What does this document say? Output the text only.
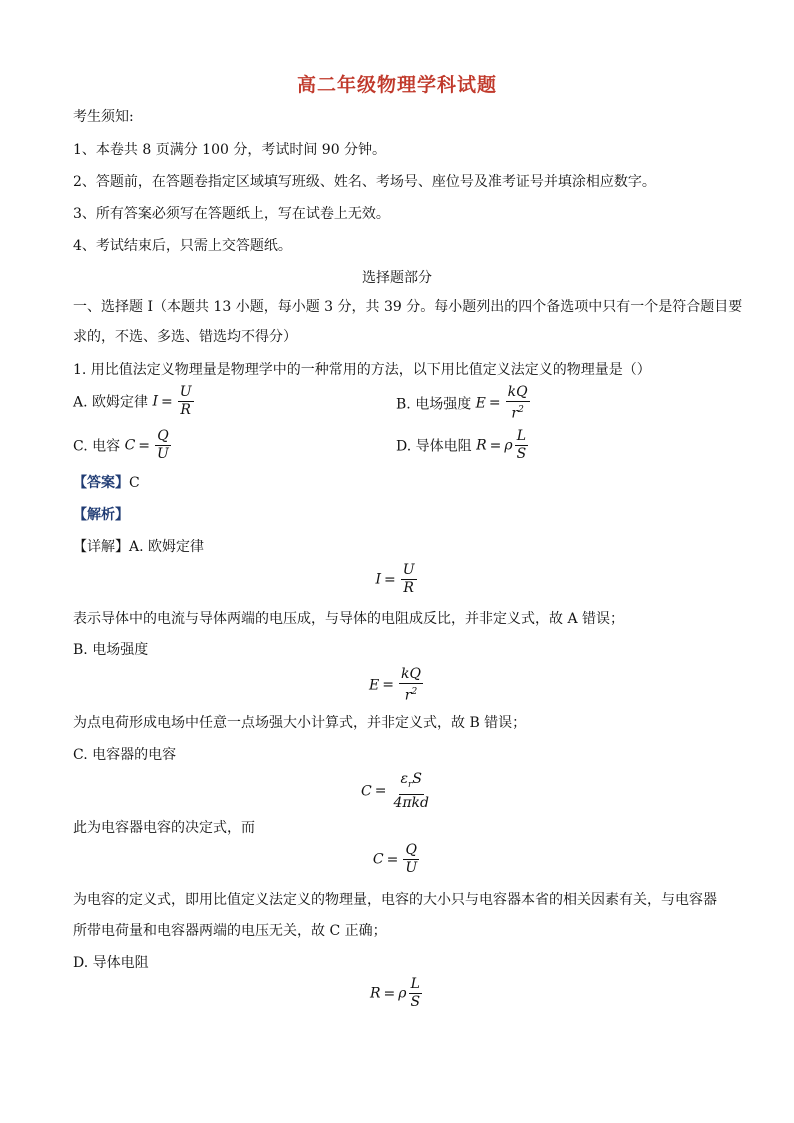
高二年级物理学科试题
考生须知:
1、本卷共 8 页满分 100 分，考试时间 90 分钟。
2、答题前，在答题卷指定区域填写班级、姓名、考场号、座位号及准考证号并填涂相应数字。
3、所有答案必须写在答题纸上，写在试卷上无效。
4、考试结束后，只需上交答题纸。
选择题部分
一、选择题 I（本题共 13 小题，每小题 3 分，共 39 分。每小题列出的四个备选项中只有一个是符合题目要
求的，不选、多选、错选均不得分）
1. 用比值法定义物理量是物理学中的一种常用的方法，以下用比值定义法定义的物理量是（）
A. 欧姆定律 $I = \frac{U}{R}$	B. 电场强度 $E = \frac{kQ}{r^2}$
C. 电容 $C = \frac{Q}{U}$	D. 导体电阻 R = ρ $\frac{L}{S}$
【答案】C
【解析】
【详解】A. 欧姆定律
$I = \frac{U}{R}$
表示导体中的电流与导体两端的电压成，与导体的电阻成反比，并非定义式，故 A 错误；
B. 电场强度
$E = \frac{kQ}{r^2}$
为点电荷形成电场中任意一点场强大小计算式，并非定义式，故 B 错误；
C. 电容器的电容
$C = \frac{\varepsilon_rS}{\text{4πkd}}$
此为电容器电容的决定式，而
$C = \frac{Q}{U}$
为电容的定义式，即用比值定义法定义的物理量，电容的大小只与电容器本省的相关因素有关，与电容器
所带电荷量和电容器两端的电压无关，故 C 正确；
D. 导体电阻
R = ρ $\frac{L}{S}$
